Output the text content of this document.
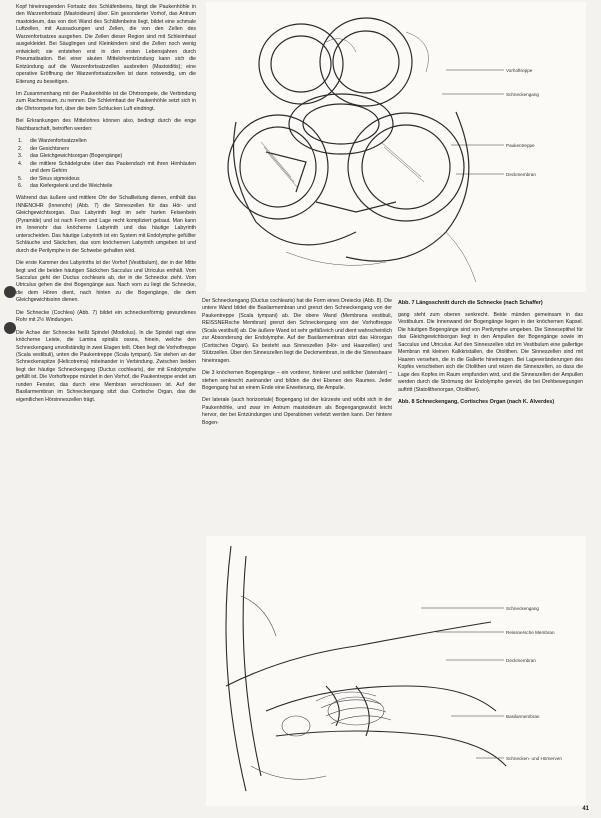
Kopf hineinragenden Fortsatz des Schläfenbeins, fängt die Paukenhöhle in den Warzenfortsatz (Mastoideum) über. Ein gesonderter Vorhof, das Antrum mastoideum, das von dort Wand des Schläfenbeins liegt, bildet eine schmale Luftzellen, mit Aussackungen und Zellen, die von den Zellen des Warzenfortsatzes ausgehen. Die Zellen dieser Region sind mit Schleimhaut ausgekleidet. Bei Säuglingen und Kleinkindern sind die Zellen noch wenig entwickelt; sie entstehen erst in den ersten Lebensjahren durch Pneumatisation. Bei einer akuten Mittelohrentzündung kann sich die Entzündung auf die Warzenfortsatzzellen ausbreiten (Mastoiditis); eine operative Eröffnung der Warzenfortsatzzellen ist dann notwendig, um die Eiterung zu beseitigen.

Im Zusammenhang mit der Paukenhöhle ist die Ohrtrompete, die Verbindung zum Rachenraum, zu nennen. Die Schleimhaut der Paukenhöhle setzt sich in die Ohrtrompete fort, über die beim Schlucken Luft eindringt.

Bei Erkrankungen des Mittelohres können also, bedingt durch die enge Nachbarschaft, betroffen werden:

1. die Warzenfortsatzzellen
2. der Gesichtsnerv
3. das Gleichgewichtsorgan (Bogengänge)
4. die mittlere Schädelgrube über das Paukendach mit ihren Hirnhäuten und dem Gehirn
5. der Sinus sigmoideus
6. das Kiefergelenk und die Weichteile

Während das äußere und mittlere Ohr der Schallleitung dienen, enthält das INNENOHR (Innenohr) (Abb. 7) die Sinneszellen für das Hör- und Gleichgewichtsorgan. Das Labyrinth liegt im sehr harten Felsenbein (Pyramide) und ist nach Form und Lage recht kompliziert gebaut. Man kann im Innenohr das knöcherne Labyrinth und das häutige Labyrinth unterscheiden. Das häutige Labyrinth ist ein System mit Endolymphe gefüllter Schläuche und Säckchen, das vom knöchernen Labyrinth umgeben ist und durch die Perilymphe in der Schwebe gehalten wird.

Die erste Kammer des Labyrinths ist der Vorhof (Vestibulum), der in der Mitte liegt und die beiden häutigen Säckchen Sacculus und Utriculus enthält. Vom Sacculus geht der Ductus cochlearis ab, der in die Schnecke zieht. Vom Utriculus gehen die drei Bogengänge aus. Nach vorn zu liegt die Schnecke, die dem Hören dient, nach hinten zu die Bogengänge, die dem Gleichgewichtssinn dienen.

Die Schnecke (Cochlea) (Abb. 7) bildet ein schneckenförmig gewundenes Rohr mit 2½ Windungen.

Die Achse der Schnecke heißt Spindel (Modiolus). In die Spindel ragt eine knöcherne Leiste, die Lamina spiralis ossea, hinein, welche den Schneckengang unvollständig in zwei Etagen teilt. Oben liegt die Vorhoftreppe (Scala vestibuli), unten die Paukentreppe (Scala tympani). Sie stehen an der Schneckenspitze (Helicotrema) miteinander in Verbindung. Zwischen beiden liegt der häutige Schneckengang (Ductus cochlearis), der mit Endolymphe gefüllt ist. Die Vorhoftreppe mündet in den Vorhof, die Paukentreppe endet am runden Fenster, das durch eine Membran verschlossen ist. Auf der Basilarmembran im Schneckengang sitzt das Cortische Organ, das die eigentlichen Hörsinneszellen trägt.

Vorhoftreppe
Schneckengang
Paukentreppe
Deckmembran

Der Schneckengang (Ductus cochlearis) hat die Form eines Dreiecks (Abb. 8). Die untere Wand bildet die Basilarmembran und grenzt den Schneckengang von der Paukentreppe (Scala tympani) ab. Die obere Wand (Membrana vestibuli, REISSNERsche Membran) grenzt den Schneckengang von der Vorhoftreppe (Scala vestibuli) ab. Die äußere Wand ist sehr gefäßreich und dient wahrscheinlich zur Absonderung der Endolymphe. Auf der Basilarmembran sitzt das Hörorgan (Cortisches Organ). Es besteht aus Sinneszellen (Hör- und Haarzellen) und Stützzellen. Über den Sinneszellen liegt die Deckmembran, in die die Sinneshaare hineinragen.

Die 3 knöchernen Bogengänge – ein vorderer, hinterer und seitlicher (lateraler) – stehen senkrecht zueinander und bilden die drei Ebenen des Raumes. Jeder Bogengang hat an einem Ende eine Erweiterung, die Ampulle.

Der laterale (auch horizontale) Bogengang ist der kürzeste und wölbt sich in der Paukenhöhle, und zwar im Antrum mastoideum als Bogengangswulst leicht hervor, der bei Entzündungen und Operationen verletzt werden kann. Der hintere Bogen-

Abb. 7 Längsschnitt durch die Schnecke (nach Schaffer)

gang steht zum oberen senkrecht. Beide münden gemeinsam in das Vestibulum. Die Innenwand der Bogengänge liegen in der knöchernen Kapsel. Die häutigen Bogengänge sind von Perilymphe umgeben. Die Sinnesepithel für das Gleichgewichtsorgan liegt in den Ampullen der Bogengänge sowie im Sacculus und Utriculus. Auf den Sinneszellen sitzt im Vestibulum eine gallertige Membran mit kleinen Kalkkristallen, die Otolithen. Die Sinneszellen sind mit Haaren versehen, die in die Gallerte hineinragen. Bei Lageveränderungen des Kopfes verschieben sich die Otolithen und reizen die Sinneszellen, so dass die Lage des Kopfes im Raum empfunden wird, und die Sinneszellen der Ampullen werden durch die Strömung der Endolymphe gereizt, die bei Drehbewegungen auftritt (Statolithenorgan, Otolithen).

Abb. 8 Schneckengang, Cortisches Organ (nach K. Alverdes)

Schneckengang
Reissnersche Membran
Deckmembran
Basilarmembran
Schnecken- und Hörnerven
41
